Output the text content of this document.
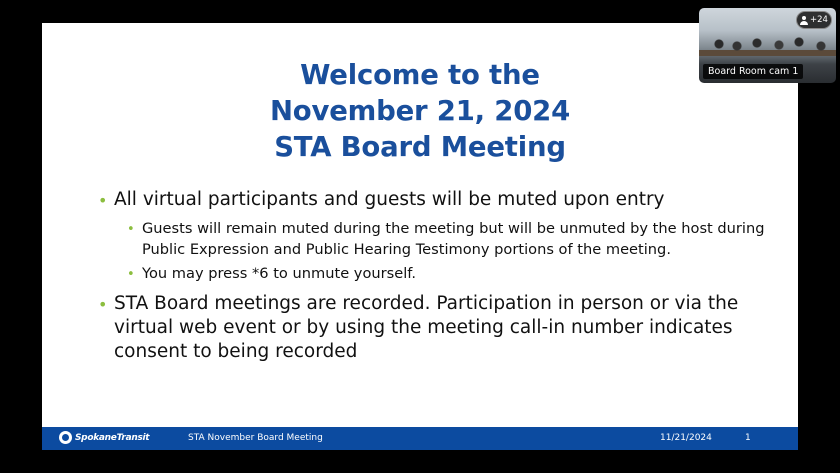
Welcome to the
November 21, 2024
STA Board Meeting
• All virtual participants and guests will be muted upon entry
• Guests will remain muted during the meeting but will be unmuted by the host during Public Expression and Public Hearing Testimony portions of the meeting.
• You may press *6 to unmute yourself.
• STA Board meetings are recorded. Participation in person or via the virtual web event or by using the meeting call-in number indicates consent to being recorded
SpokaneTransit	STA November Board Meeting	11/21/2024	1
+24
Board Room cam 1
